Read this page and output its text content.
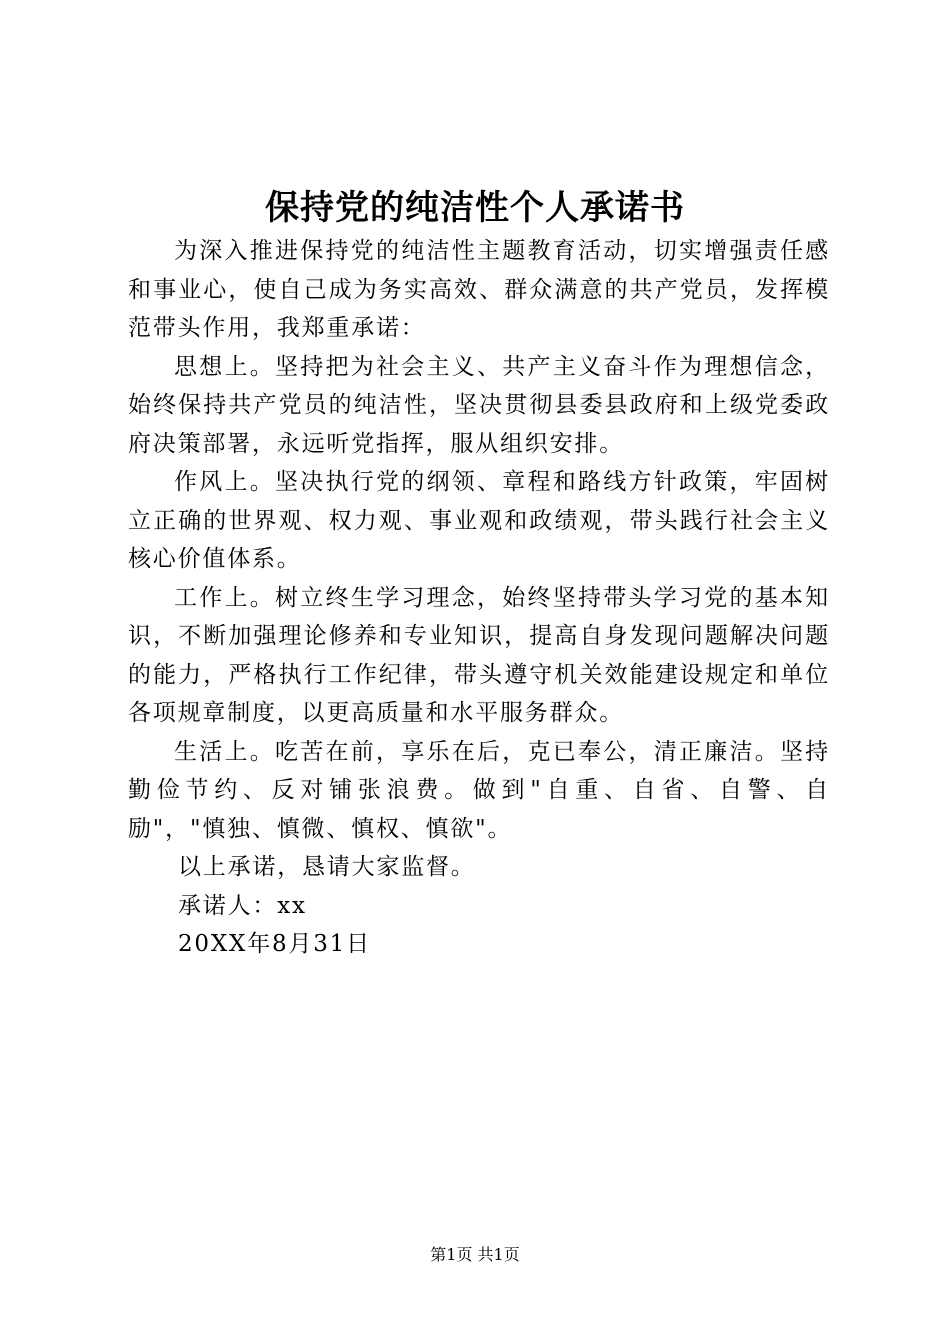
保持党的纯洁性个人承诺书

为深入推进保持党的纯洁性主题教育活动，切实增强责任感和事业心，使自己成为务实高效、群众满意的共产党员，发挥模范带头作用，我郑重承诺：

思想上。坚持把为社会主义、共产主义奋斗作为理想信念，始终保持共产党员的纯洁性，坚决贯彻县委县政府和上级党委政府决策部署，永远听党指挥，服从组织安排。

作风上。坚决执行党的纲领、章程和路线方针政策，牢固树立正确的世界观、权力观、事业观和政绩观，带头践行社会主义核心价值体系。

工作上。树立终生学习理念，始终坚持带头学习党的基本知识，不断加强理论修养和专业知识，提高自身发现问题解决问题的能力，严格执行工作纪律，带头遵守机关效能建设规定和单位各项规章制度，以更高质量和水平服务群众。

生活上。吃苦在前，享乐在后，克已奉公，清正廉洁。坚持勤俭节约、反对铺张浪费。做到"自重、自省、自警、自励"，"慎独、慎微、慎权、慎欲"。

以上承诺，恳请大家监督。

承诺人：xx

20XX年8月31日

第1页 共1页
